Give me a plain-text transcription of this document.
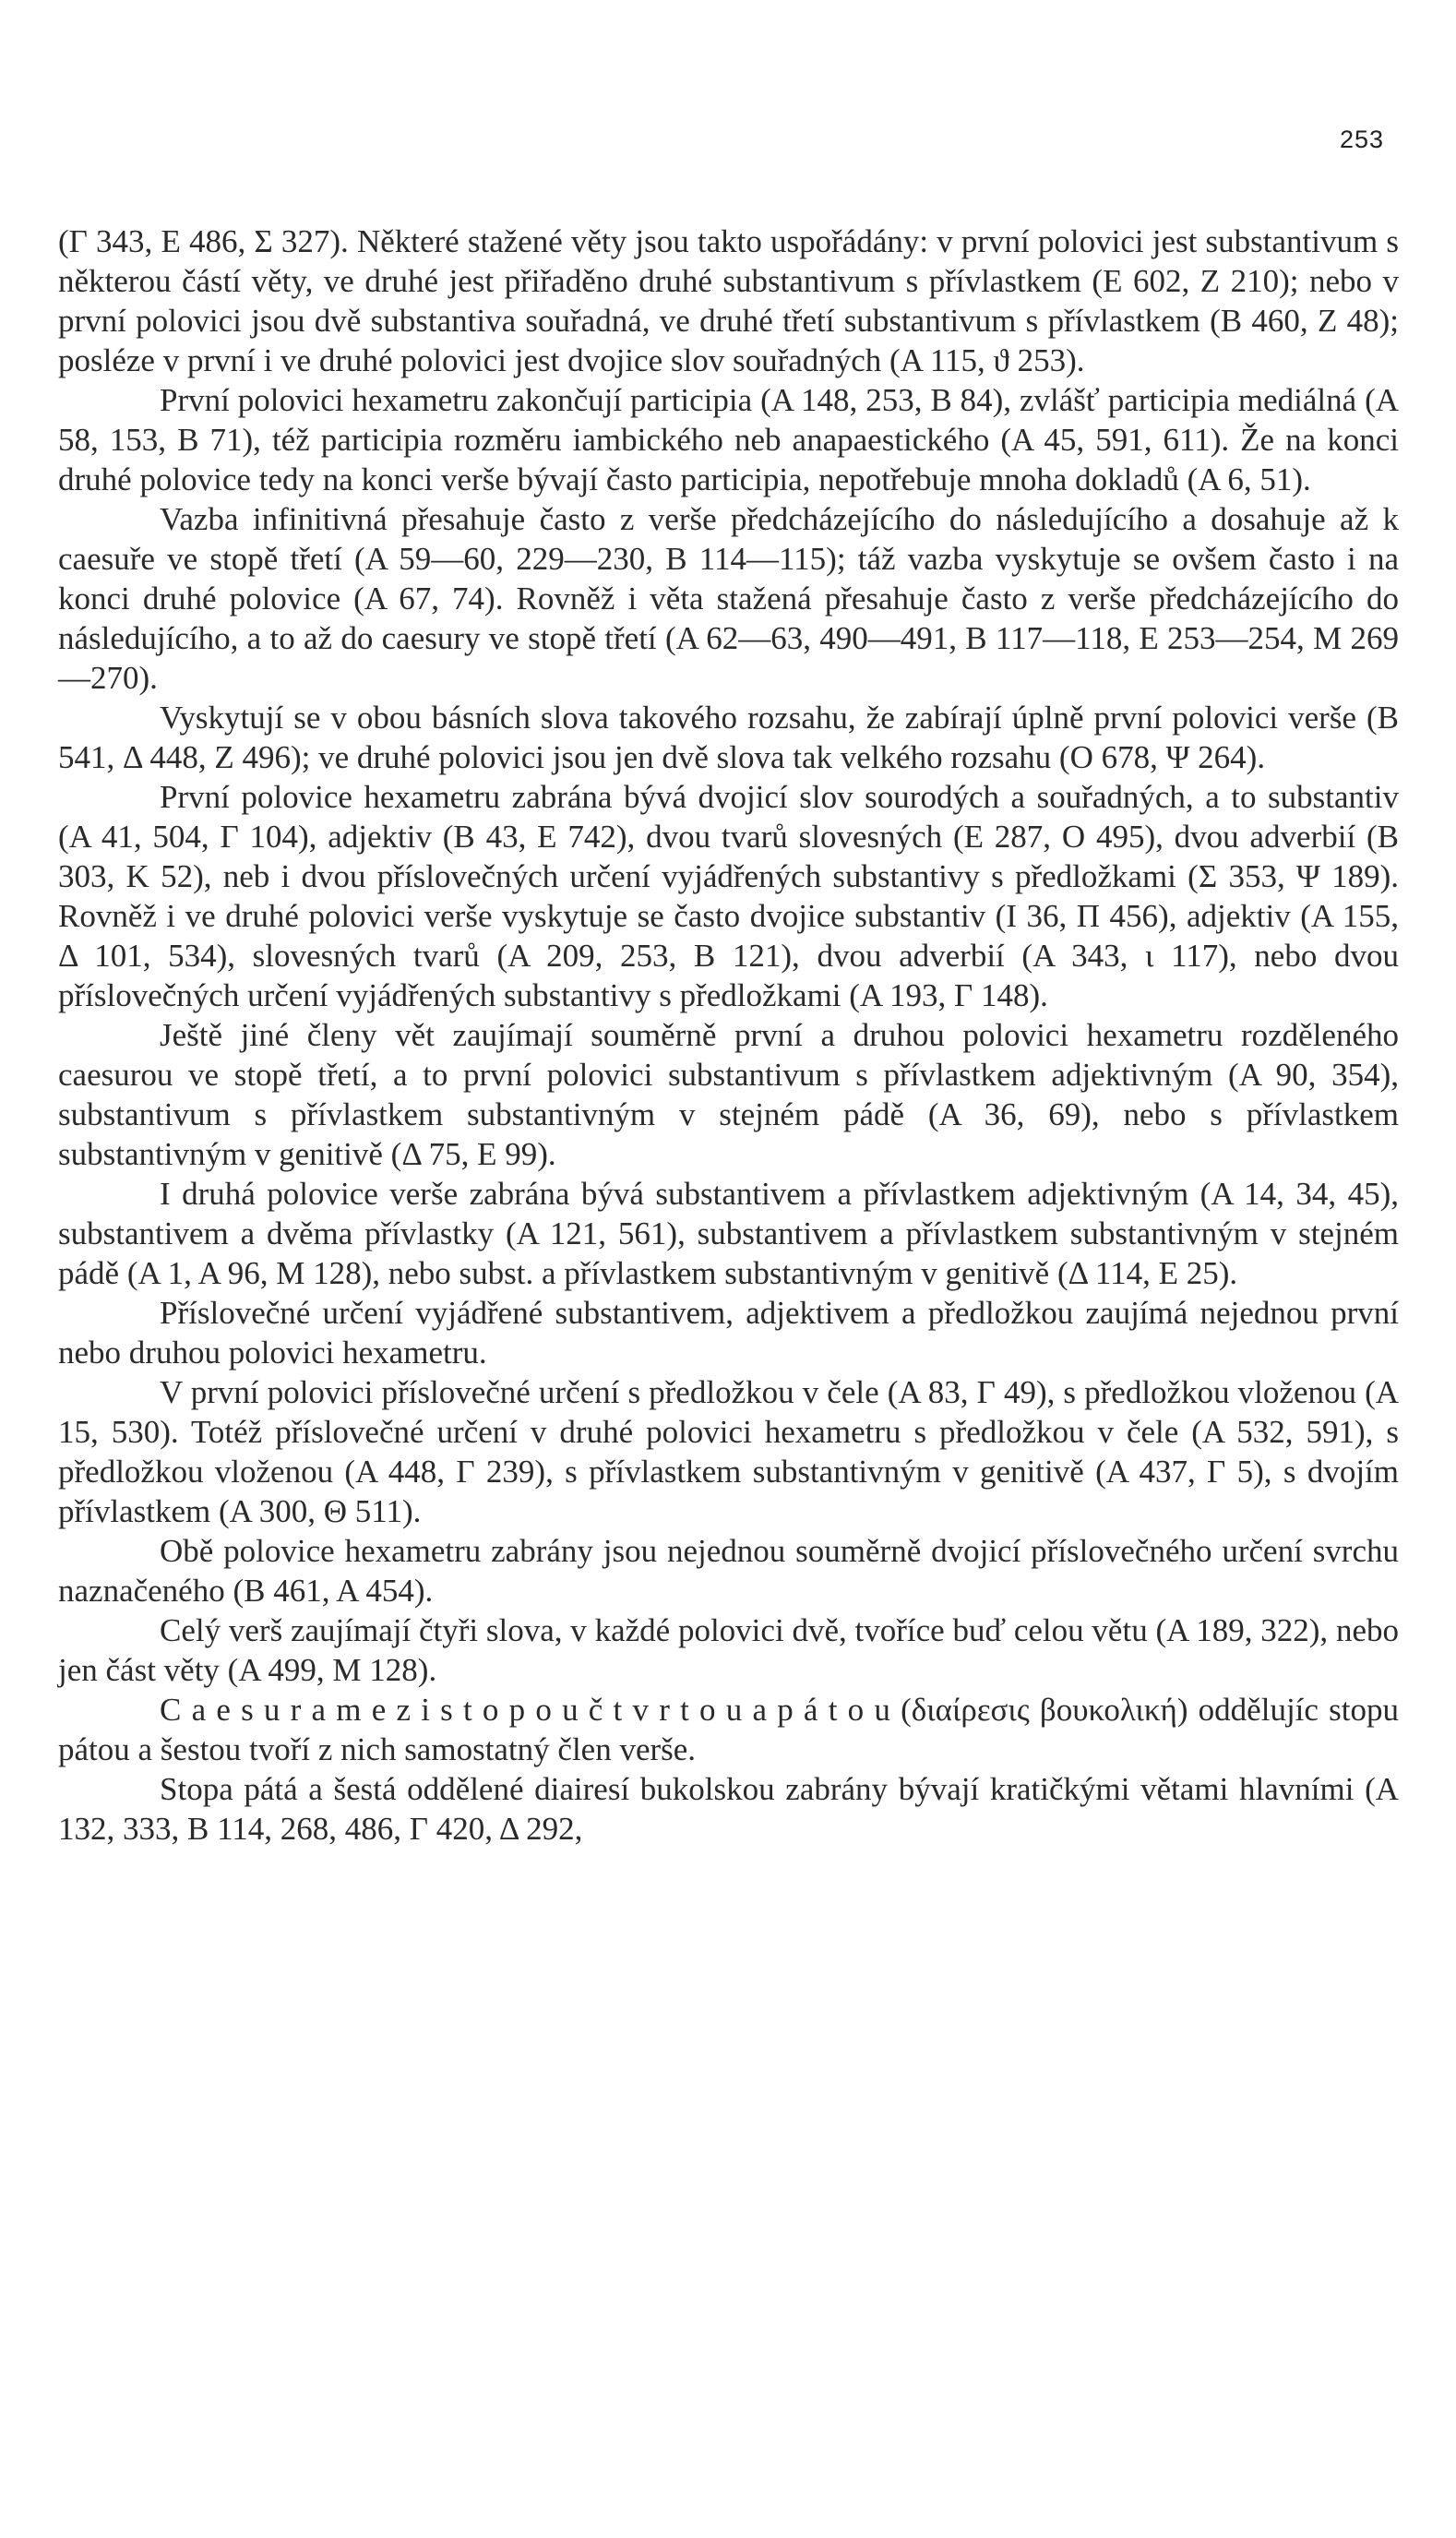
253

(Γ 343, E 486, Σ 327). Některé stažené věty jsou takto uspořádány: v první polovici jest substantivum s některou částí věty, ve druhé jest přiřaděno druhé substantivum s přívlastkem (E 602, Z 210); nebo v první polovici jsou dvě substantiva souřadná, ve druhé třetí substantivum s přívlastkem (B 460, Z 48); posléze v první i ve druhé polovici jest dvojice slov souřadných (A 115, ϑ 253).

První polovici hexametru zakončují participia (A 148, 253, B 84), zvlášť participia mediálná (A 58, 153, B 71), též participia rozměru iambického neb anapaestického (A 45, 591, 611). Že na konci druhé polovice tedy na konci verše bývají často participia, nepotřebuje mnoha dokladů (A 6, 51).

Vazba infinitivná přesahuje často z verše předcházejícího do následujícího a dosahuje až k caesuře ve stopě třetí (A 59—60, 229—230, B 114—115); táž vazba vyskytuje se ovšem často i na konci druhé polovice (A 67, 74). Rovněž i věta stažená přesahuje často z verše předcházejícího do následujícího, a to až do caesury ve stopě třetí (A 62—63, 490—491, B 117—118, E 253—254, M 269—270).

Vyskytují se v obou básních slova takového rozsahu, že zabírají úplně první polovici verše (B 541, Δ 448, Z 496); ve druhé polovici jsou jen dvě slova tak velkého rozsahu (O 678, Ψ 264).

První polovice hexametru zabrána bývá dvojicí slov sourodých a souřadných, a to substantiv (A 41, 504, Γ 104), adjektiv (B 43, E 742), dvou tvarů slovesných (E 287, O 495), dvou adverbií (B 303, K 52), neb i dvou příslovečných určení vyjádřených substantivy s předložkami (Σ 353, Ψ 189). Rovněž i ve druhé polovici verše vyskytuje se často dvojice substantiv (I 36, Π 456), adjektiv (A 155, Δ 101, 534), slovesných tvarů (A 209, 253, B 121), dvou adverbií (A 343, ι 117), nebo dvou příslovečných určení vyjádřených substantivy s předložkami (A 193, Γ 148).

Ještě jiné členy vět zaujímají souměrně první a druhou polovici hexametru rozděleného caesurou ve stopě třetí, a to první polovici substantivum s přívlastkem adjektivným (A 90, 354), substantivum s přívlastkem substantivným v stejném pádě (A 36, 69), nebo s přívlastkem substantivným v genitivě (Δ 75, E 99).

I druhá polovice verše zabrána bývá substantivem a přívlastkem adjektivným (A 14, 34, 45), substantivem a dvěma přívlastky (A 121, 561), substantivem a přívlastkem substantivným v stejném pádě (A 1, A 96, M 128), nebo subst. a přívlastkem substantivným v genitivě (Δ 114, E 25).

Příslovečné určení vyjádřené substantivem, adjektivem a předložkou zaujímá nejednou první nebo druhou polovici hexametru.

V první polovici příslovečné určení s předložkou v čele (A 83, Γ 49), s předložkou vloženou (A 15, 530). Totéž příslovečné určení v druhé polovici hexametru s předložkou v čele (A 532, 591), s předložkou vloženou (A 448, Γ 239), s přívlastkem substantivným v genitivě (A 437, Γ 5), s dvojím přívlastkem (A 300, Θ 511).

Obě polovice hexametru zabrány jsou nejednou souměrně dvojicí příslovečného určení svrchu naznačeného (B 461, A 454).

Celý verš zaujímají čtyři slova, v každé polovici dvě, tvoříce buď celou větu (A 189, 322), nebo jen část věty (A 499, M 128).

C a e s u r a m e z i s t o p o u č t v r t o u a p á t o u (διαίρεσις βουκολική) oddělujíc stopu pátou a šestou tvoří z nich samostatný člen verše.

Stopa pátá a šestá oddělené diairesí bukolskou zabrány bývají kratičkými větami hlavními (A 132, 333, B 114, 268, 486, Γ 420, Δ 292,
